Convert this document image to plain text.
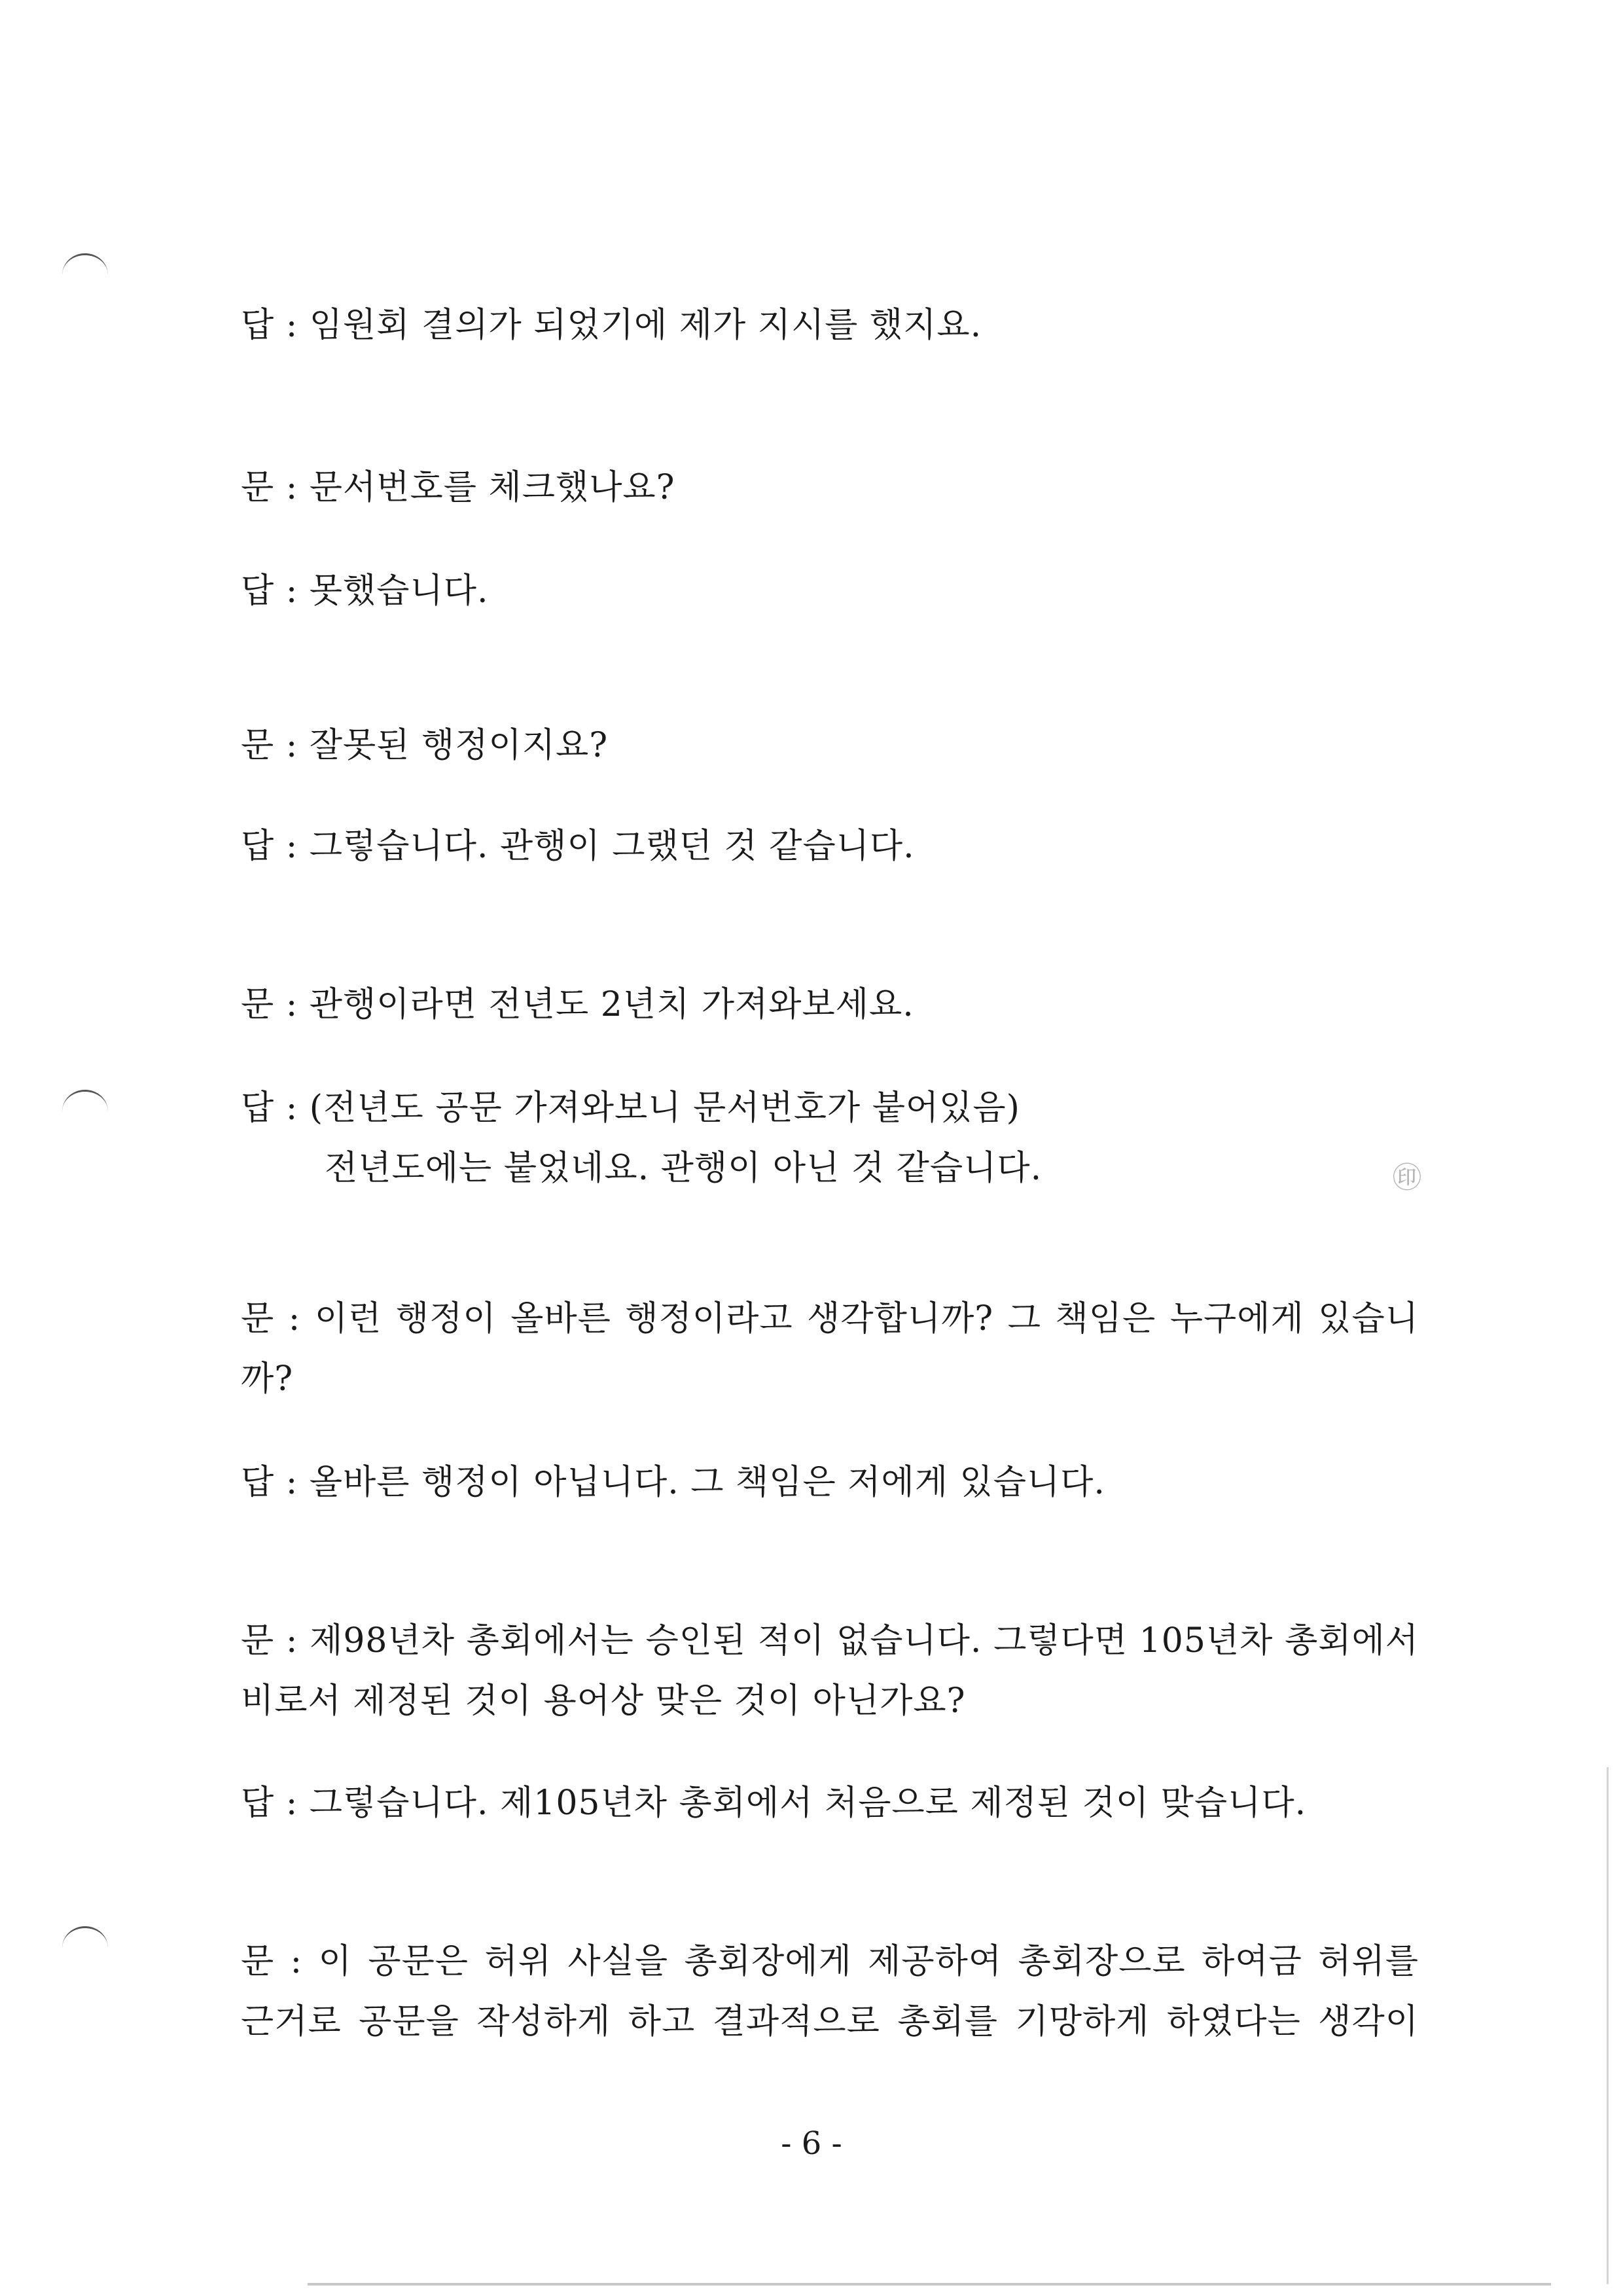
답 : 임원회 결의가 되었기에 제가 지시를 했지요.
문 : 문서번호를 체크했나요?
답 : 못했습니다.
문 : 잘못된 행정이지요?
답 : 그렇습니다. 관행이 그랬던 것 같습니다.
문 : 관행이라면 전년도 2년치 가져와보세요.
답 : (전년도 공문 가져와보니 문서번호가 붙어있음)
전년도에는 붙었네요. 관행이 아닌 것 같습니다.	㊞
문 : 이런 행정이 올바른 행정이라고 생각합니까? 그 책임은 누구에게 있습니
까?
답 : 올바른 행정이 아닙니다. 그 책임은 저에게 있습니다.
문 : 제98년차 총회에서는 승인된 적이 없습니다. 그렇다면 105년차 총회에서
비로서 제정된 것이 용어상 맞은 것이 아닌가요?
답 : 그렇습니다. 제105년차 총회에서 처음으로 제정된 것이 맞습니다.
문 : 이 공문은 허위 사실을 총회장에게 제공하여 총회장으로 하여금 허위를
근거로 공문을 작성하게 하고 결과적으로 총회를 기망하게 하였다는 생각이
- 6 -
